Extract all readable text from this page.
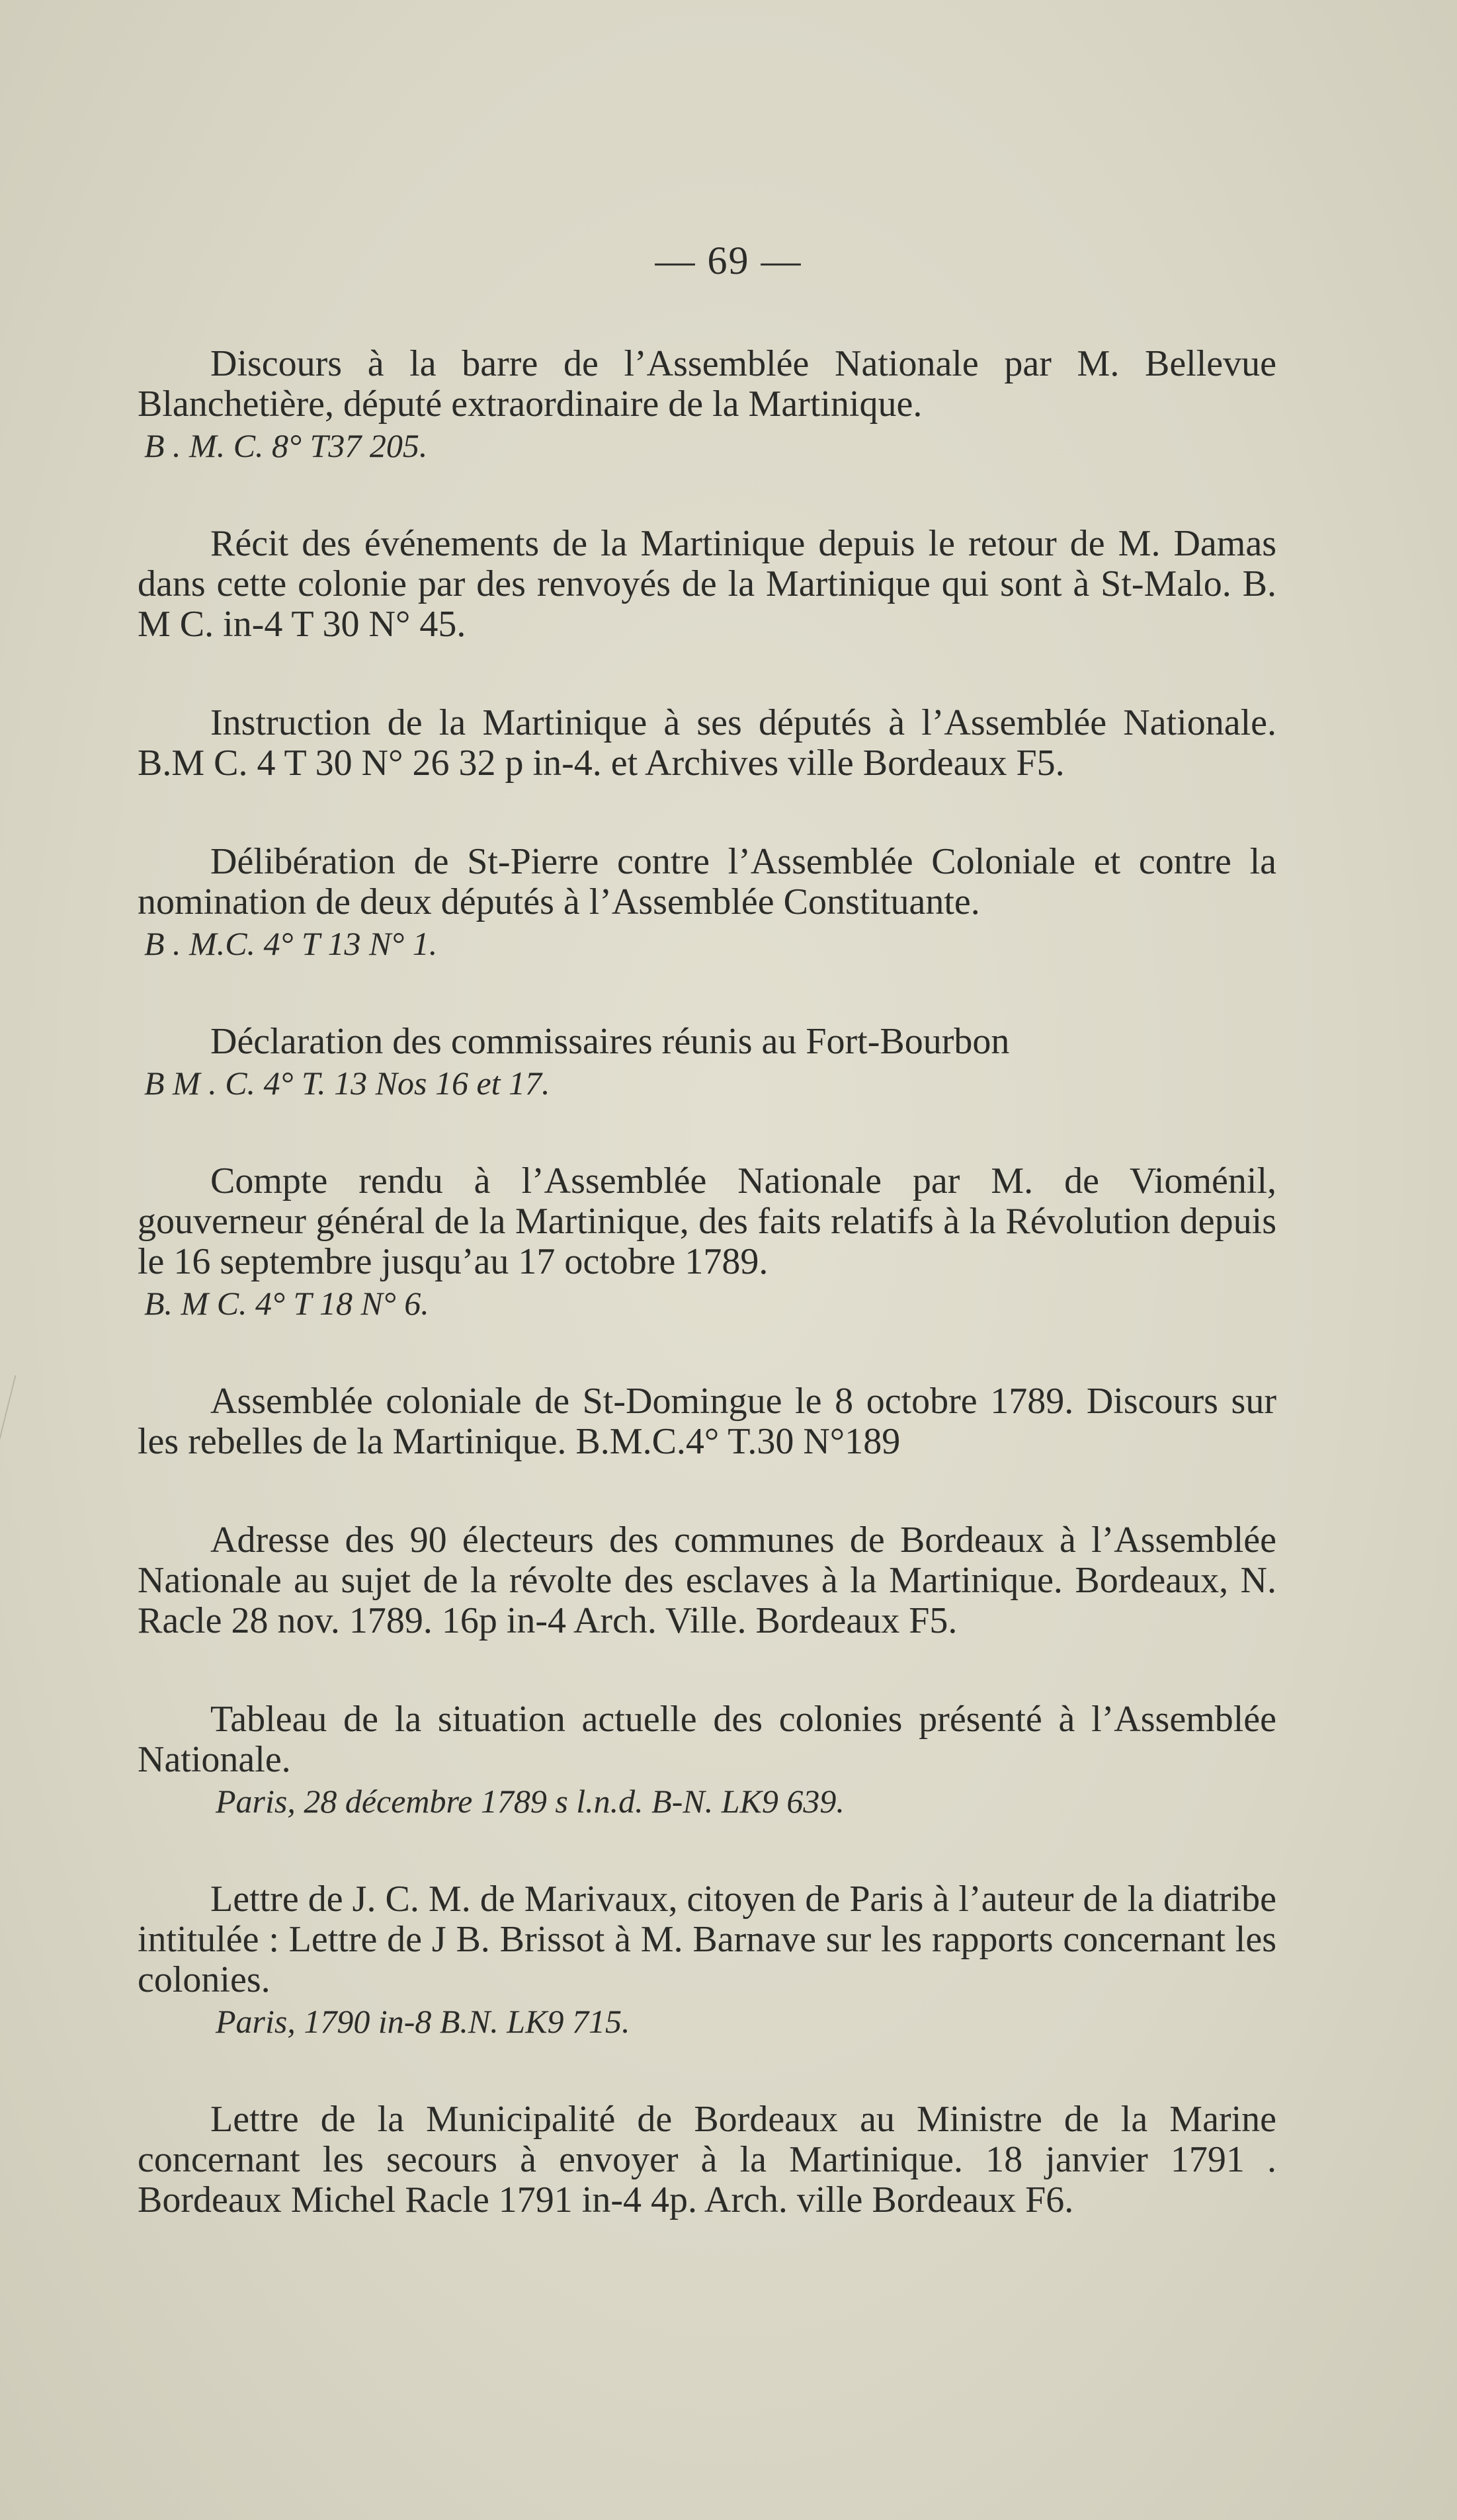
— 69 —

Discours à la barre de l’Assemblée Nationale par M. Bellevue Blanchetière, député extraordinaire de la Martinique.

B . M. C. 8° T37 205.

Récit des événements de la Martinique depuis le retour de M. Damas dans cette colonie par des renvoyés de la Martinique qui sont à St-Malo. B. M C. in-4 T 30 N° 45.

Instruction de la Martinique à ses députés à l’Assemblée Nationale. B.M C. 4 T 30 N° 26 32 p in-4. et Archives ville Bordeaux F5.

Délibération de St-Pierre contre l’Assemblée Coloniale et contre la nomination de deux députés à l’Assemblée Constituante.

B . M.C. 4° T 13 N° 1.

Déclaration des commissaires réunis au Fort-Bourbon

B M . C. 4° T. 13 Nos 16 et 17.

Compte rendu à l’Assemblée Nationale par M. de Vioménil, gouverneur général de la Martinique, des faits relatifs à la Révolution depuis le 16 septembre jusqu’au 17 octobre 1789.

B. M C. 4° T 18 N° 6.

Assemblée coloniale de St-Domingue le 8 octobre 1789. Discours sur les rebelles de la Martinique. B.M.C.4° T.30 N°189

Adresse des 90 électeurs des communes de Bordeaux à l’Assemblée Nationale au sujet de la révolte des esclaves à la Martinique. Bordeaux, N. Racle 28 nov. 1789. 16p in-4 Arch. Ville. Bordeaux F5.

Tableau de la situation actuelle des colonies présenté à l’Assemblée Nationale.

Paris, 28 décembre 1789 s l.n.d. B-N. LK9 639.

Lettre de J. C. M. de Marivaux, citoyen de Paris à l’auteur de la diatribe intitulée : Lettre de J B. Brissot à M. Barnave sur les rapports concernant les colonies.

Paris, 1790 in-8 B.N. LK9 715.

Lettre de la Municipalité de Bordeaux au Ministre de la Marine concernant les secours à envoyer à la Martinique. 18 janvier 1791 . Bordeaux Michel Racle 1791 in-4 4p. Arch. ville Bordeaux F6.
